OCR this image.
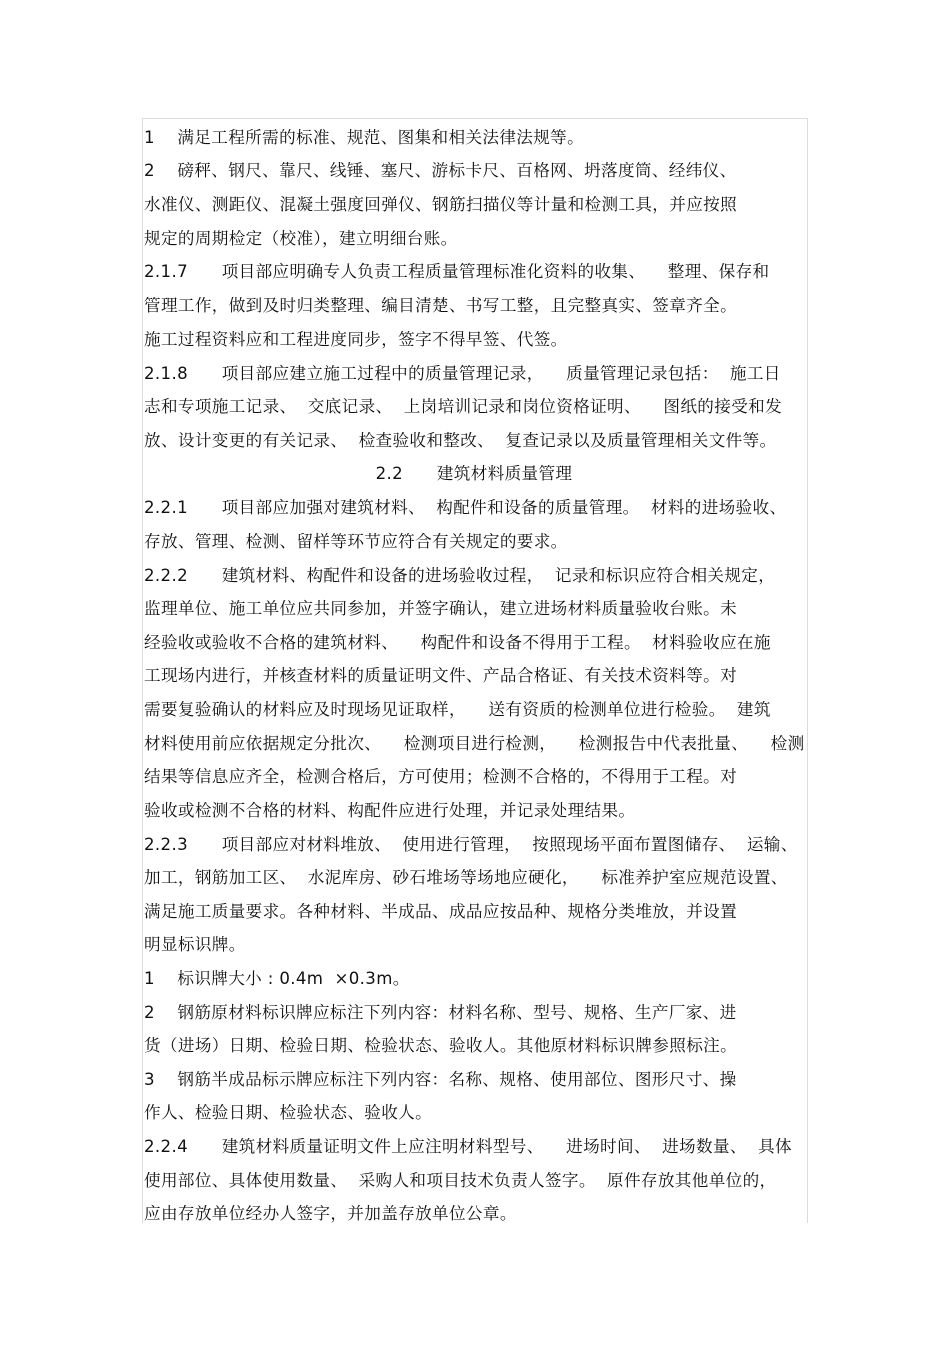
1    满足工程所需的标准、规范、图集和相关法律法规等。
2    磅秤、钢尺、靠尺、线锤、塞尺、游标卡尺、百格网、坍落度筒、经纬仪、
水准仪、测距仪、混凝土强度回弹仪、钢筋扫描仪等计量和检测工具，并应按照
规定的周期检定（校准），建立明细台账。
2.1.7      项目部应明确专人负责工程质量管理标准化资料的收集、    整理、保存和
管理工作，做到及时归类整理、编目清楚、书写工整，且完整真实、签章齐全。
施工过程资料应和工程进度同步，签字不得早签、代签。
2.1.8      项目部应建立施工过程中的质量管理记录，    质量管理记录包括：  施工日
志和专项施工记录、  交底记录、  上岗培训记录和岗位资格证明、    图纸的接受和发
放、设计变更的有关记录、  检查验收和整改、  复查记录以及质量管理相关文件等。
2.2      建筑材料质量管理
2.2.1      项目部应加强对建筑材料、  构配件和设备的质量管理。  材料的进场验收、
存放、管理、检测、留样等环节应符合有关规定的要求。
2.2.2      建筑材料、构配件和设备的进场验收过程，  记录和标识应符合相关规定，
监理单位、施工单位应共同参加，并签字确认，建立进场材料质量验收台账。未
经验收或验收不合格的建筑材料、    构配件和设备不得用于工程。  材料验收应在施
工现场内进行，并核查材料的质量证明文件、产品合格证、有关技术资料等。对
需要复验确认的材料应及时现场见证取样，    送有资质的检测单位进行检验。  建筑
材料使用前应依据规定分批次、    检测项目进行检测，    检测报告中代表批量、    检测
结果等信息应齐全，检测合格后，方可使用；检测不合格的，不得用于工程。对
验收或检测不合格的材料、构配件应进行处理，并记录处理结果。
2.2.3      项目部应对材料堆放、  使用进行管理，  按照现场平面布置图储存、  运输、
加工，钢筋加工区、  水泥库房、砂石堆场等场地应硬化，    标准养护室应规范设置、
满足施工质量要求。各种材料、半成品、成品应按品种、规格分类堆放，并设置
明显标识牌。
1    标识牌大小 : 0.4m  ×0.3m。
2    钢筋原材料标识牌应标注下列内容：材料名称、型号、规格、生产厂家、进
货（进场）日期、检验日期、检验状态、验收人。其他原材料标识牌参照标注。
3    钢筋半成品标示牌应标注下列内容：名称、规格、使用部位、图形尺寸、操
作人、检验日期、检验状态、验收人。
2.2.4      建筑材料质量证明文件上应注明材料型号、    进场时间、  进场数量、  具体
使用部位、具体使用数量、  采购人和项目技术负责人签字。  原件存放其他单位的，
应由存放单位经办人签字，并加盖存放单位公章。
